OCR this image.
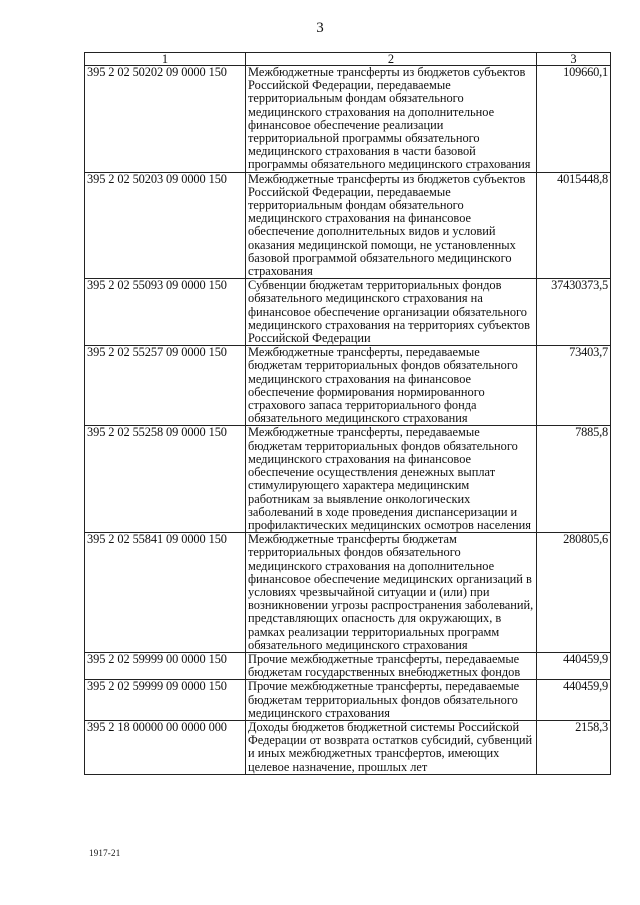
3
1	2	3
395 2 02 50202 09 0000 150	Межбюджетные трансферты из бюджетов субъектов Российской Федерации, передаваемые территориальным фондам обязательного медицинского страхования на дополнительное финансовое обеспечение реализации территориальной программы обязательного медицинского страхования в части базовой программы обязательного медицинского страхования	109660,1
395 2 02 50203 09 0000 150	Межбюджетные трансферты из бюджетов субъектов Российской Федерации, передаваемые территориальным фондам обязательного медицинского страхования на финансовое обеспечение дополнительных видов и условий оказания медицинской помощи, не установленных базовой программой обязательного медицинского страхования	4015448,8
395 2 02 55093 09 0000 150	Субвенции бюджетам территориальных фондов обязательного медицинского страхования на финансовое обеспечение организации обязательного медицинского страхования на территориях субъектов Российской Федерации	37430373,5
395 2 02 55257 09 0000 150	Межбюджетные трансферты, передаваемые бюджетам территориальных фондов обязательного медицинского страхования на финансовое обеспечение формирования нормированного страхового запаса территориального фонда обязательного медицинского страхования	73403,7
395 2 02 55258 09 0000 150	Межбюджетные трансферты, передаваемые бюджетам территориальных фондов обязательного медицинского страхования на финансовое обеспечение осуществления денежных выплат стимулирующего характера медицинским работникам за выявление онкологических заболеваний в ходе проведения диспансеризации и профилактических медицинских осмотров населения	7885,8
395 2 02 55841 09 0000 150	Межбюджетные трансферты бюджетам территориальных фондов обязательного медицинского страхования на дополнительное финансовое обеспечение медицинских организаций в условиях чрезвычайной ситуации и (или) при возникновении угрозы распространения заболеваний, представляющих опасность для окружающих, в рамках реализации территориальных программ обязательного медицинского страхования	280805,6
395 2 02 59999 00 0000 150	Прочие межбюджетные трансферты, передаваемые бюджетам государственных внебюджетных фондов	440459,9
395 2 02 59999 09 0000 150	Прочие межбюджетные трансферты, передаваемые бюджетам территориальных фондов обязательного медицинского страхования	440459,9
395 2 18 00000 00 0000 000	Доходы бюджетов бюджетной системы Российской Федерации от возврата остатков субсидий, субвенций и иных межбюджетных трансфертов, имеющих целевое назначение, прошлых лет	2158,3
1917-21
